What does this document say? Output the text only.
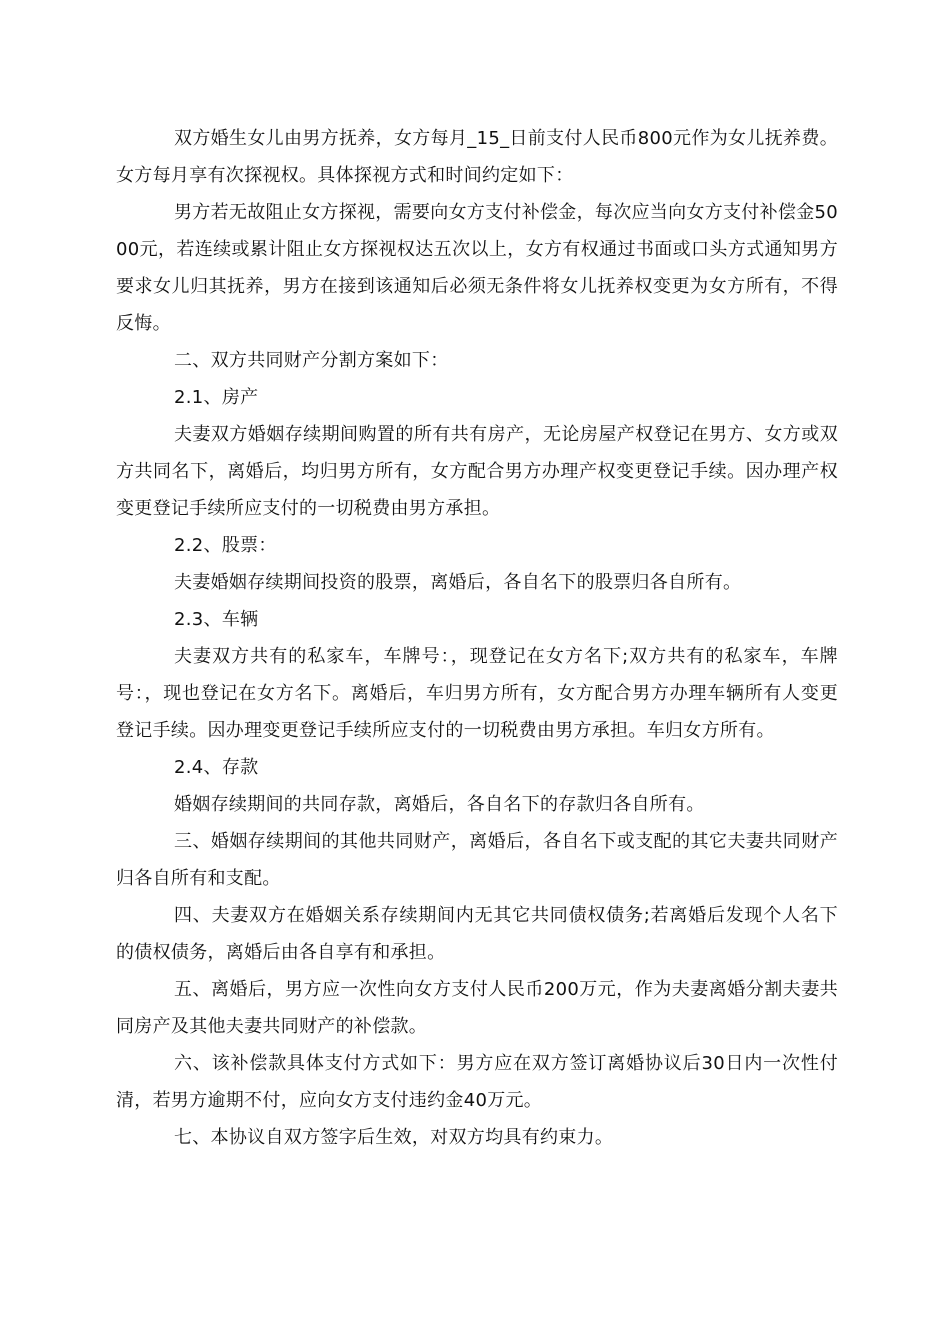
双方婚生女儿由男方抚养，女方每月_15_日前支付人民币800元作为女儿抚养费。女方每月享有次探视权。具体探视方式和时间约定如下：

男方若无故阻止女方探视，需要向女方支付补偿金，每次应当向女方支付补偿金5000元，若连续或累计阻止女方探视权达五次以上，女方有权通过书面或口头方式通知男方要求女儿归其抚养，男方在接到该通知后必须无条件将女儿抚养权变更为女方所有，不得反悔。

二、双方共同财产分割方案如下：

2.1、房产

夫妻双方婚姻存续期间购置的所有共有房产，无论房屋产权登记在男方、女方或双方共同名下，离婚后，均归男方所有，女方配合男方办理产权变更登记手续。因办理产权变更登记手续所应支付的一切税费由男方承担。

2.2、股票：

夫妻婚姻存续期间投资的股票，离婚后，各自名下的股票归各自所有。

2.3、车辆

夫妻双方共有的私家车，车牌号：，现登记在女方名下;双方共有的私家车，车牌号：，现也登记在女方名下。离婚后，车归男方所有，女方配合男方办理车辆所有人变更登记手续。因办理变更登记手续所应支付的一切税费由男方承担。车归女方所有。

2.4、存款

婚姻存续期间的共同存款，离婚后，各自名下的存款归各自所有。

三、婚姻存续期间的其他共同财产，离婚后，各自名下或支配的其它夫妻共同财产归各自所有和支配。

四、夫妻双方在婚姻关系存续期间内无其它共同债权债务;若离婚后发现个人名下的债权债务，离婚后由各自享有和承担。

五、离婚后，男方应一次性向女方支付人民币200万元，作为夫妻离婚分割夫妻共同房产及其他夫妻共同财产的补偿款。

六、该补偿款具体支付方式如下：男方应在双方签订离婚协议后30日内一次性付清，若男方逾期不付，应向女方支付违约金40万元。

七、本协议自双方签字后生效，对双方均具有约束力。
